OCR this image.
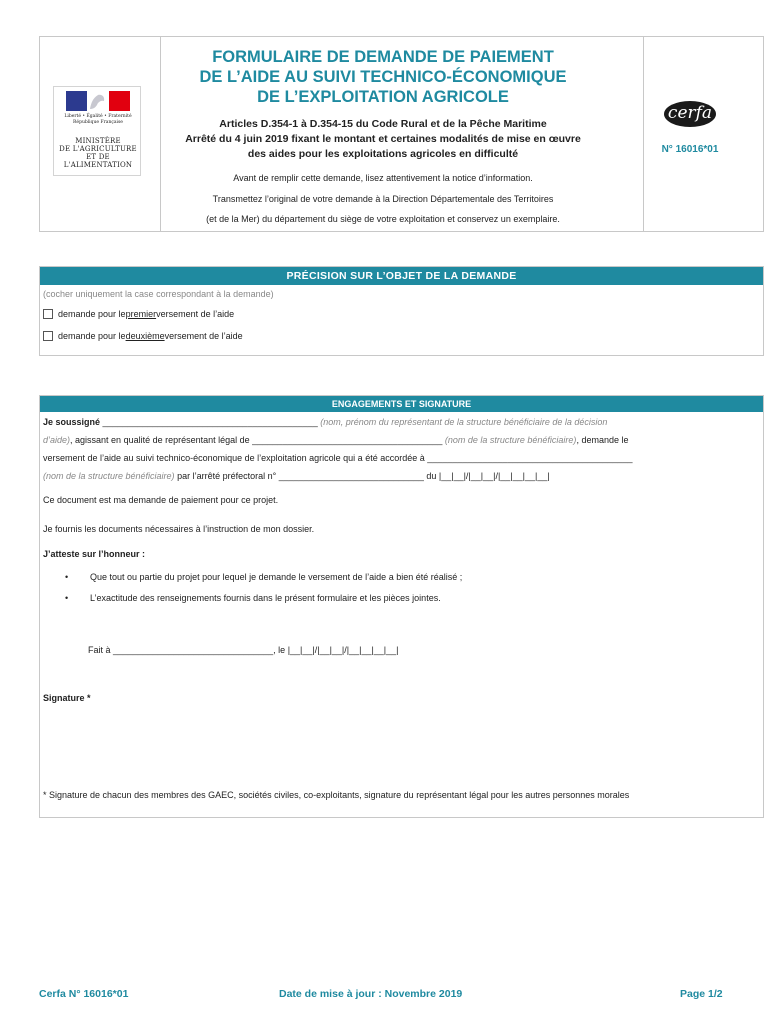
Liberté • Égalité • Fraternité
République Française
MINISTÈRE
DE L'AGRICULTURE
ET DE
L'ALIMENTATION
FORMULAIRE DE DEMANDE DE PAIEMENT
DE L’AIDE AU SUIVI TECHNICO-ÉCONOMIQUE
DE L’EXPLOITATION AGRICOLE
Articles D.354-1 à D.354-15 du Code Rural et de la Pêche Maritime
Arrêté du 4 juin 2019 fixant le montant et certaines modalités de mise en œuvre
des aides pour les exploitations agricoles en difficulté
Avant de remplir cette demande, lisez attentivement la notice d’information.
Transmettez l’original de votre demande à la Direction Départementale des Territoires
(et de la Mer) du département du siège de votre exploitation et conservez un exemplaire.
cerfa
N° 16016*01
PRÉCISION SUR L’OBJET DE LA DEMANDE
(cocher uniquement la case correspondant à la demande)
demande pour le premier versement de l’aide
demande pour le deuxième versement de l’aide
ENGAGEMENTS ET SIGNATURE
Je soussigné ___________________________________________ (nom, prénom du représentant de la structure bénéficiaire de la décision
d’aide), agissant en qualité de représentant légal de ______________________________________ (nom de la structure bénéficiaire), demande le
versement de l’aide au suivi technico-économique de l’exploitation agricole qui a été accordée à _________________________________________
(nom de la structure bénéficiaire) par l’arrêté préfectoral n° _____________________________ du |__|__|/|__|__|/|__|__|__|__|
Ce document est ma demande de paiement pour ce projet.
Je fournis les documents nécessaires à l’instruction de mon dossier.
J’atteste sur l’honneur :
• Que tout ou partie du projet pour lequel je demande le versement de l’aide a bien été réalisé ;
• L’exactitude des renseignements fournis dans le présent formulaire et les pièces jointes.
Fait à ________________________________, le |__|__|/|__|__|/|__|__|__|__|
Signature *
* Signature de chacun des membres des GAEC, sociétés civiles, co-exploitants, signature du représentant légal pour les autres personnes morales
Cerfa N° 16016*01	Date de mise à jour : Novembre 2019	Page 1/2
